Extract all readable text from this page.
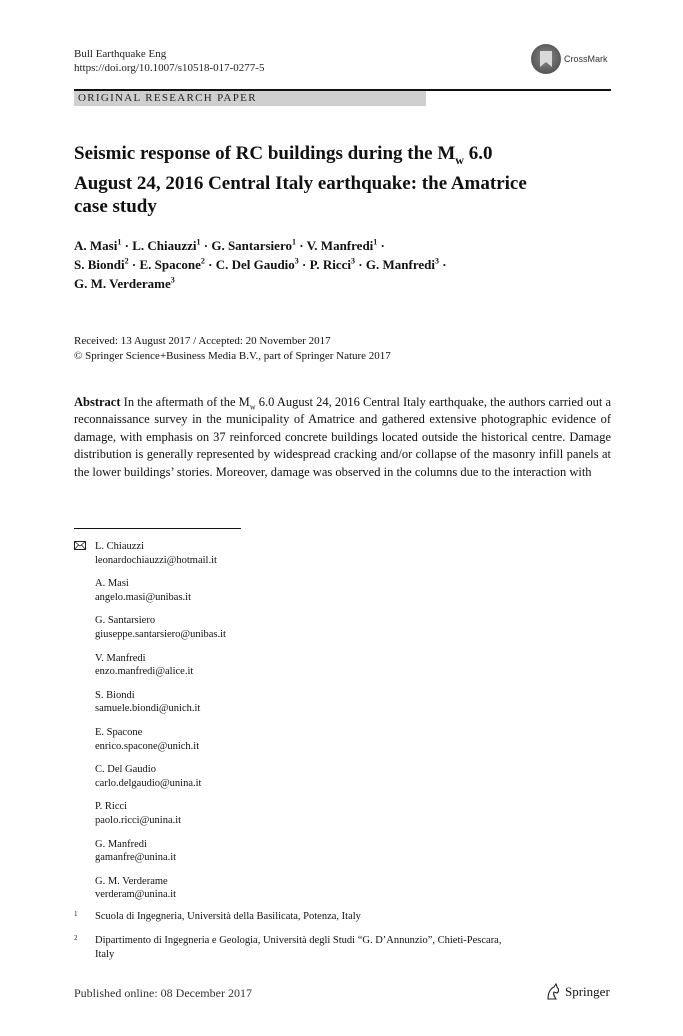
Bull Earthquake Eng
https://doi.org/10.1007/s10518-017-0277-5
CrossMark
ORIGINAL RESEARCH PAPER
Seismic response of RC buildings during the $M_w$ 6.0
August 24, 2016 Central Italy earthquake: the Amatrice
case study
A. Masi$^1$ · L. Chiauzzi$^1$ · G. Santarsiero$^1$ · V. Manfredi$^1$ ·
S. Biondi$^2$ · E. Spacone$^2$ · C. Del Gaudio$^3$ · P. Ricci$^3$ · G. Manfredi$^3$ ·
G. M. Verderame$^3$
Received: 13 August 2017 / Accepted: 20 November 2017
© Springer Science+Business Media B.V., part of Springer Nature 2017
Abstract In the aftermath of the $M_w$ 6.0 August 24, 2016 Central Italy earthquake, the authors carried out a reconnaissance survey in the municipality of Amatrice and gathered extensive photographic evidence of damage, with emphasis on 37 reinforced concrete buildings located outside the historical centre. Damage distribution is generally represented by widespread cracking and/or collapse of the masonry infill panels at the lower buildings’ stories. Moreover, damage was observed in the columns due to the interaction with
L. Chiauzzi
leonardochiauzzi@hotmail.it
A. Masi
angelo.masi@unibas.it
G. Santarsiero
giuseppe.santarsiero@unibas.it
V. Manfredi
enzo.manfredi@alice.it
S. Biondi
samuele.biondi@unich.it
E. Spacone
enrico.spacone@unich.it
C. Del Gaudio
carlo.delgaudio@unina.it
P. Ricci
paolo.ricci@unina.it
G. Manfredi
gamanfre@unina.it
G. M. Verderame
verderam@unina.it
1 Scuola di Ingegneria, Università della Basilicata, Potenza, Italy
2 Dipartimento di Ingegneria e Geologia, Università degli Studi “G. D’Annunzio”, Chieti-Pescara,
Italy
Published online: 08 December 2017	Springer
